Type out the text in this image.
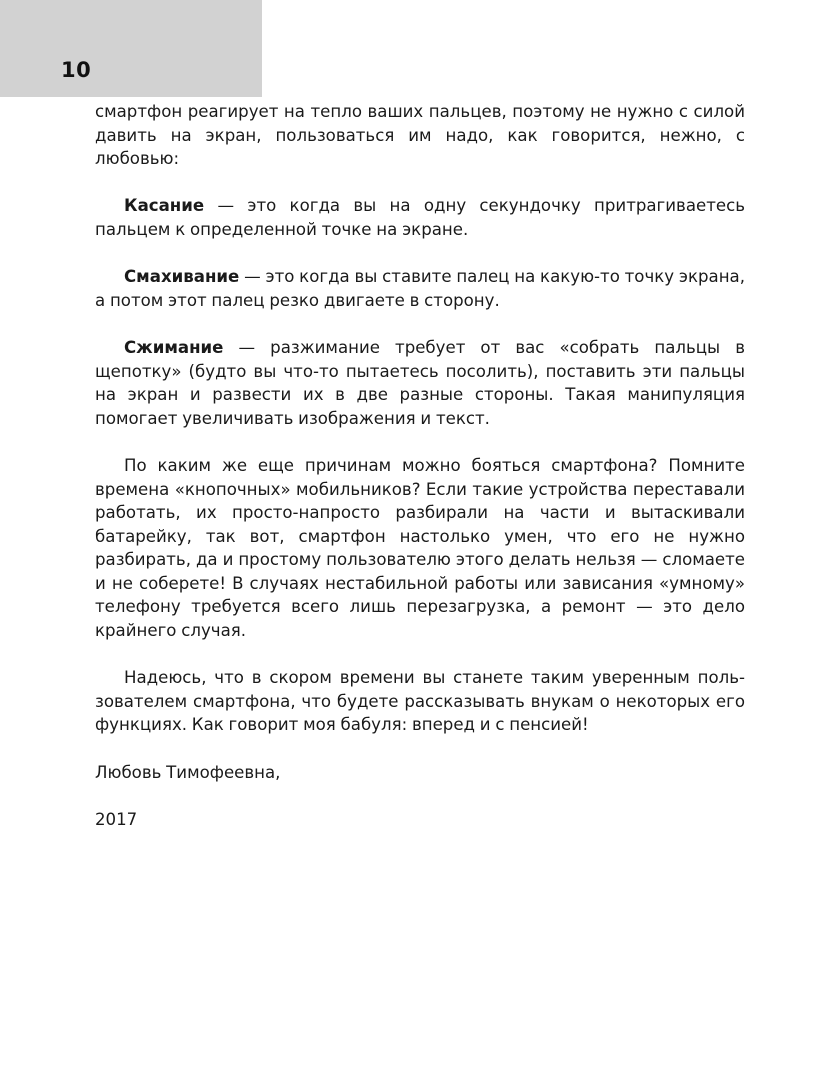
10

смартфон реагирует на тепло ваших пальцев, поэтому не нужно с силой давить на экран, пользоваться им надо, как говорится, нежно, с любовью:

Касание — это когда вы на одну секундочку притрагиваетесь пальцем к определенной точке на экране.

Смахивание — это когда вы ставите палец на какую-то точку экрана, а потом этот палец резко двигаете в сторону.

Сжимание — разжимание требует от вас «собрать пальцы в щепотку» (будто вы что-то пытаетесь посолить), поставить эти пальцы на экран и развести их в две разные стороны. Такая манипуляция помогает увеличивать изображения и текст.

По каким же еще причинам можно бояться смартфона? Помните времена «кнопочных» мобильников? Если такие устройства переставали работать, их просто-напросто разбирали на части и вытаскивали батарейку, так вот, смартфон настолько умен, что его не нужно разбирать, да и простому пользователю этого делать нельзя — сломаете и не соберете! В случаях нестабильной работы или зависания «умному» телефону требуется всего лишь перезагрузка, а ремонт — это дело крайнего случая.

Надеюсь, что в скором времени вы станете таким уверенным пользователем смартфона, что будете рассказывать внукам о некоторых его функциях. Как говорит моя бабуля: вперед и с пенсией!

Любовь Тимофеевна,

2017
